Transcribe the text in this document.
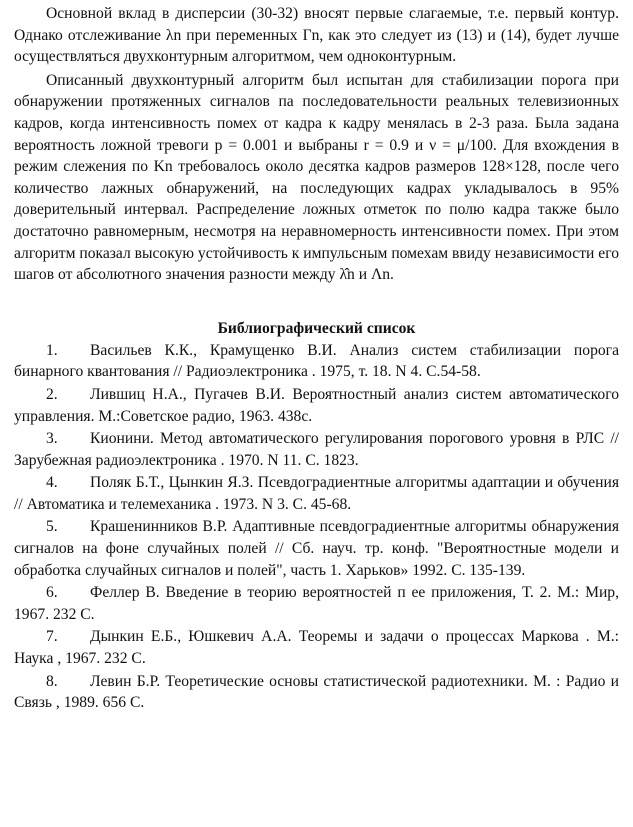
Основной вклад в дисперсии (30-32) вносят первые слагаемые, т.е. первый контур. Однако отслеживание λn при переменных Γn, как это следует из (13) и (14), будет лучше осуществляться двухконтурным алгоритмом, чем одноконтурным.

Описанный двухконтурный алгоритм был испытан для стабилизации порога при обнаружении протяженных сигналов па последовательности реальных телевизионных кадров, когда интенсивность помех от кадра к кадру менялась в 2-3 раза. Была задана вероятность ложной тревоги p = 0.001 и выбраны r = 0.9 и ν = μ/100. Для вхождения в режим слежения по Kn требовалось около десятка кадров размеров 128×128, после чего количество лажных обнаружений, на последующих кадрах укладывалось в 95% доверительный интервал. Распределение ложных отметок по полю кадра также было достаточно равномерным, несмотря на неравномерность интенсивности помех. При этом алгоритм показал высокую устойчивость к импульсным помехам ввиду независимости его шагов от абсолютного значения разности между λ̂n и Λn.

Библиографический список
1. Васильев К.К., Крамущенко В.И. Анализ систем стабилизации порога бинарного квантования // Радиоэлектроника . 1975, т. 18. N 4. С.54-58.
2. Лившиц Н.А., Пугачев В.И. Вероятностный анализ систем автоматического управления. М.:Советское радио, 1963. 438с.
3. Кионини. Метод автоматического регулирования порогового уровня в РЛС // Зарубежная радиоэлектроника . 1970. N 11. С. 1823.
4. Поляк Б.Т., Цынкин Я.З. Псевдоградиентные алгоритмы адаптации и обучения // Автоматика и телемеханика . 1973. N 3. С. 45-68.
5. Крашенинников В.Р. Адаптивные псевдоградиентные алгоритмы обнаружения сигналов на фоне случайных полей // Сб. науч. тр. конф. "Вероятностные модели и обработка случайных сигналов и полей", часть 1. Харьков» 1992. С. 135-139.
6. Феллер В. Введение в теорию вероятностей п ее приложения, Т. 2. М.: Мир, 1967. 232 С.
7. Дынкин Е.Б., Юшкевич А.А. Теоремы и задачи о процессах Маркова . М.: Наука , 1967. 232 С.
8. Левин Б.Р. Теоретические основы статистической радиотехники. М. : Радио и Связь , 1989. 656 С.
